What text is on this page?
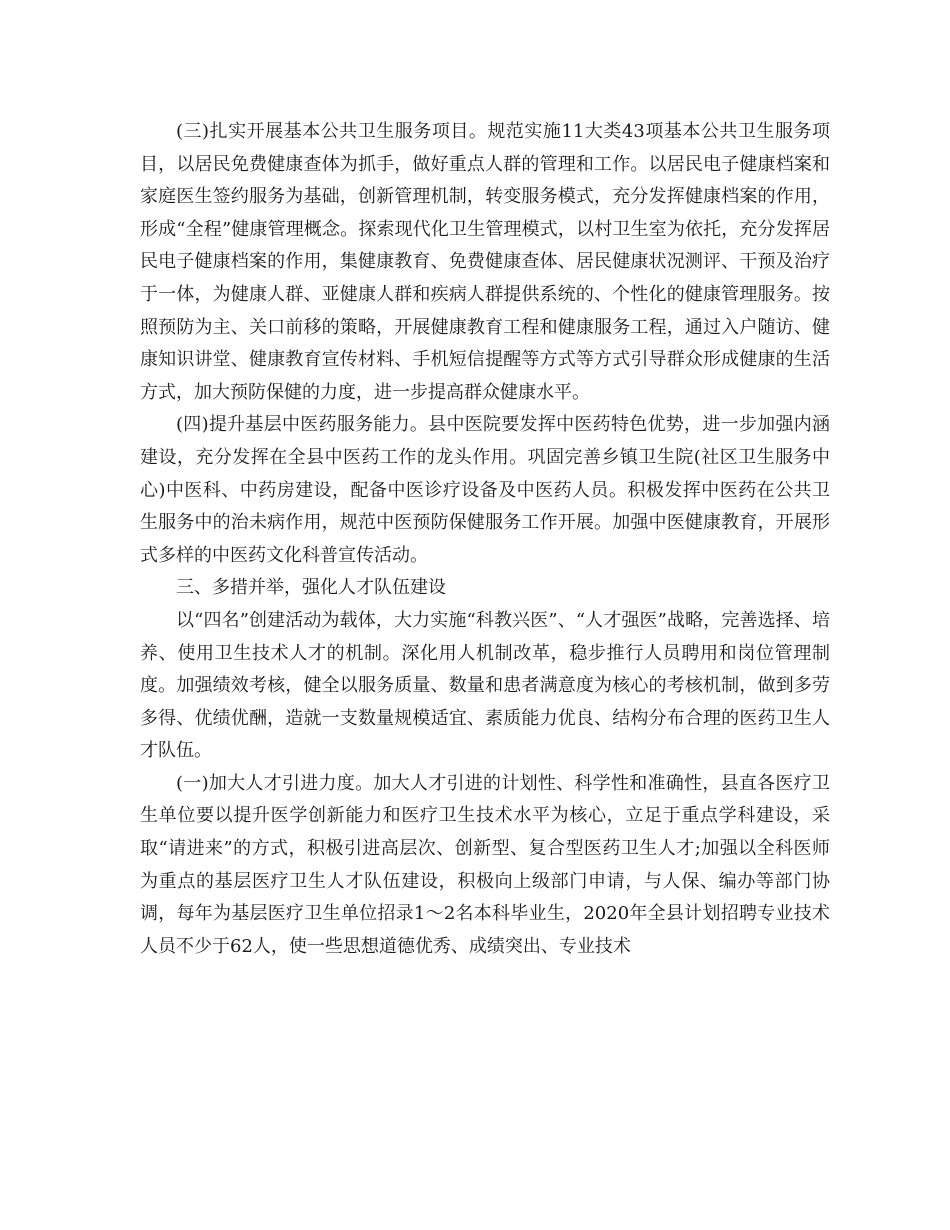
(三)扎实开展基本公共卫生服务项目。规范实施11大类43项基本公共卫生服务项目，以居民免费健康查体为抓手，做好重点人群的管理和工作。以居民电子健康档案和家庭医生签约服务为基础，创新管理机制，转变服务模式，充分发挥健康档案的作用，形成“全程”健康管理概念。探索现代化卫生管理模式，以村卫生室为依托，充分发挥居民电子健康档案的作用，集健康教育、免费健康查体、居民健康状况测评、干预及治疗于一体，为健康人群、亚健康人群和疾病人群提供系统的、个性化的健康管理服务。按照预防为主、关口前移的策略，开展健康教育工程和健康服务工程，通过入户随访、健康知识讲堂、健康教育宣传材料、手机短信提醒等方式等方式引导群众形成健康的生活方式，加大预防保健的力度，进一步提高群众健康水平。

(四)提升基层中医药服务能力。县中医院要发挥中医药特色优势，进一步加强内涵建设，充分发挥在全县中医药工作的龙头作用。巩固完善乡镇卫生院(社区卫生服务中心)中医科、中药房建设，配备中医诊疗设备及中医药人员。积极发挥中医药在公共卫生服务中的治未病作用，规范中医预防保健服务工作开展。加强中医健康教育，开展形式多样的中医药文化科普宣传活动。

三、多措并举，强化人才队伍建设

以“四名”创建活动为载体，大力实施“科教兴医”、“人才强医”战略，完善选择、培养、使用卫生技术人才的机制。深化用人机制改革，稳步推行人员聘用和岗位管理制度。加强绩效考核，健全以服务质量、数量和患者满意度为核心的考核机制，做到多劳多得、优绩优酬，造就一支数量规模适宜、素质能力优良、结构分布合理的医药卫生人才队伍。

(一)加大人才引进力度。加大人才引进的计划性、科学性和准确性，县直各医疗卫生单位要以提升医学创新能力和医疗卫生技术水平为核心，立足于重点学科建设，采取“请进来”的方式，积极引进高层次、创新型、复合型医药卫生人才;加强以全科医师为重点的基层医疗卫生人才队伍建设，积极向上级部门申请，与人保、编办等部门协调，每年为基层医疗卫生单位招录1～2名本科毕业生，2020年全县计划招聘专业技术人员不少于62人，使一些思想道德优秀、成绩突出、专业技术
